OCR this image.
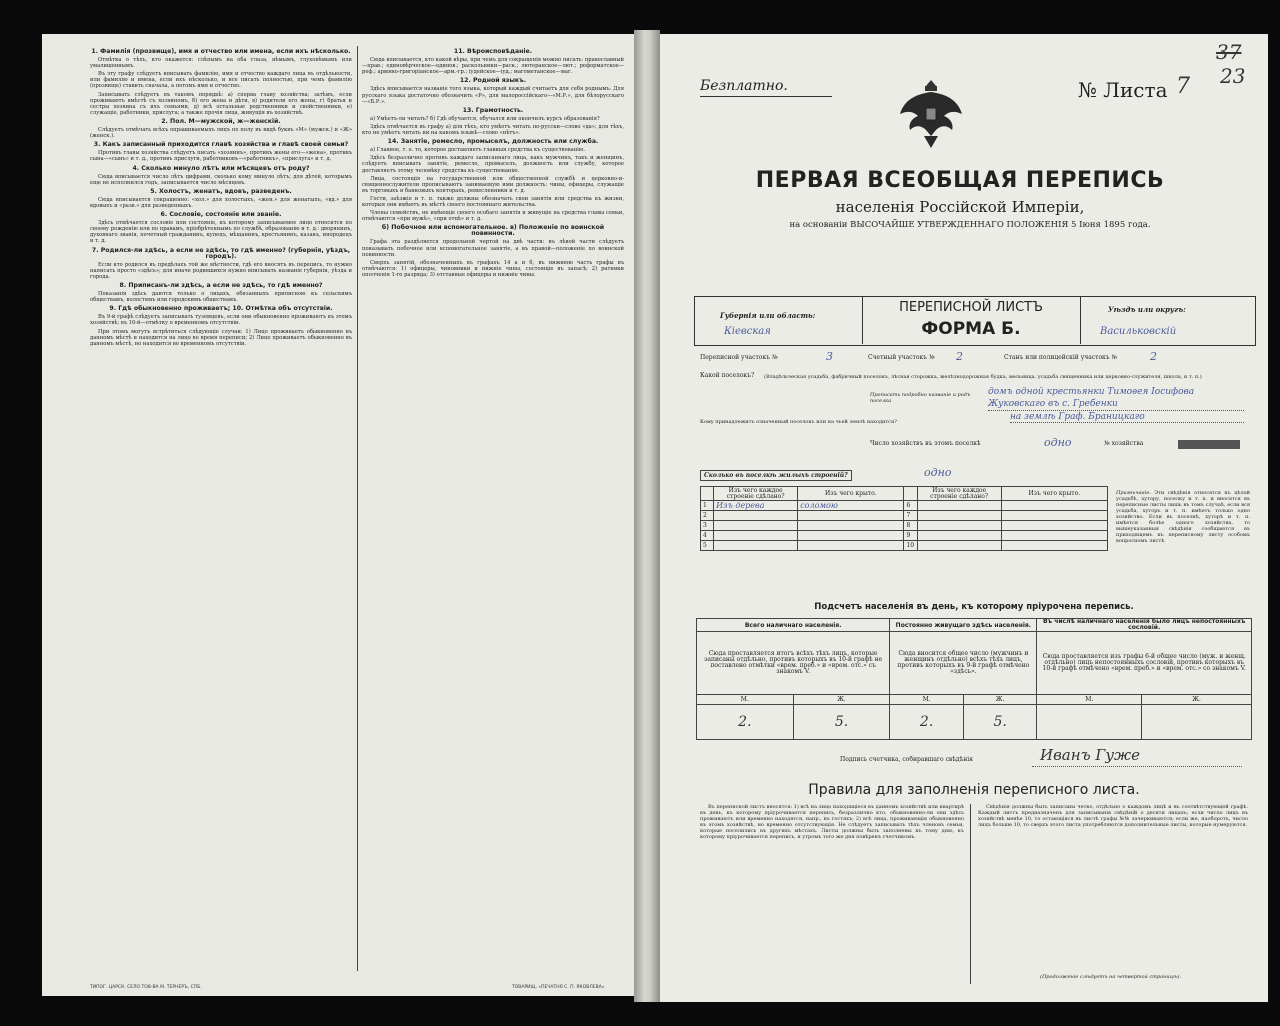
1. Фамилія (прозвище), имя и отчество или имена, если ихъ нѣсколько.

Отмѣтка о тѣхъ, кто окажется: слѣпымъ на оба глаза, нѣмымъ, глухонѣмымъ или умалишеннымъ.

Въ эту графу слѣдуетъ вписывать фамилію, имя и отчество каждаго лица въ отдѣльности, или фамилію и имена, если ихъ нѣсколько, и все писать полностью, при чемъ фамилію (прозвище) ставить сначала, а потомъ имя и отчество.

Записывать слѣдуетъ въ такомъ порядкѣ: а) сперва главу хозяйства; затѣмъ, если проживаютъ вмѣстѣ съ хозяиномъ, б) его жена и дѣти, в) родители его жены, г) братья и сестры хозяина съ ихъ семьями, д) всѣ остальные родственники и свойственники, е) служащіе, работники, прислуга; а также прочія лица, живущія въ хозяйствѣ.

2. Пол. М—мужской, ж—женскій.

Слѣдуетъ отмѣчать всѣхъ опрашиваемыхъ лицъ по полу въ видѣ буквъ «М» (мужск.) и «Ж» (женск.).

3. Какъ записанный приходится главѣ хозяйства и главѣ своей семьи?

Противъ главы хозяйства слѣдуетъ писать «хозяинъ», противъ жены его—«жена», противъ сына—«сынъ» и т. д., противъ прислуги, работниковъ—«работникъ», «прислуга» и т. д.

4. Сколько минуло лѣтъ или мѣсяцевъ отъ роду?

Сюда вписывается число лѣтъ цифрами, сколько кому минуло лѣтъ; для дѣтей, которымъ еще не исполнился годъ, записывается число мѣсяцевъ.

5. Холостъ, женатъ, вдовъ, разведенъ.

Сюда вписывается сокращенно: «хол.» для холостыхъ, «жен.» для женатыхъ, «вд.» для вдовыхъ и «разв.» для разведенныхъ.

6. Сословіе, состояніе или званіе.

Здѣсь отмѣчается сословіе или состояніе, къ которому записываемое лицо относится по своему рожденію или по правамъ, пріобрѣтеннымъ по службѣ, образованію и т. д.: дворянинъ, духовнаго званія, почетный гражданинъ, купецъ, мѣщанинъ, крестьянинъ, казакъ, инородецъ и т. д.

7. Родился-ли здѣсь, а если не здѣсь, то гдѣ именно? (губернія, уѣздъ, городъ).

Если кто родился въ предѣлахъ той же мѣстности, гдѣ его вносятъ въ перепись, то нужно написать просто «здѣсь»; для иначе родившихся нужно вписывать названіе губерніи, уѣзда и города.

8. Приписанъ-ли здѣсь, а если не здѣсь, то гдѣ именно?

Показанія здѣсь даются только о лицахъ, обязанныхъ приписною къ сельскимъ обществамъ, волостямъ или городскимъ обществамъ.

9. Гдѣ обыкновенно проживаетъ; 10. Отмѣтка объ отсутствіи.

Въ 9-й графѣ слѣдуетъ записывать туземцевъ, если они обыкновенно проживаютъ въ этомъ хозяйствѣ; въ 10-й—отмѣтку о временномъ отсутствіи.

При этомъ могутъ встрѣтиться слѣдующіе случаи: 1) Лицо проживаетъ обыкновенно въ данномъ мѣстѣ и находится на лицо во время переписи; 2) Лицо проживаетъ обыкновенно въ данномъ мѣстѣ, но находится во временномъ отсутствіи.

11. Вѣроисповѣданіе.

Сюда вписывается, кто какой вѣры, при чемъ для сокращенія можно писать: православный—прав.; единовѣрческое—единов.; раскольники—раск.; лютеранское—лют.; реформатское—реф.; армяно-григоріанское—арм.-гр.; іудейское—іуд.; магометанское—маг.

12. Родной языкъ.

Здѣсь вписывается названіе того языка, который каждый считаетъ для себя роднымъ. Для русскаго языка достаточно обозначить «Р», для малороссійскаго—«М.Р.», для бѣлорусскаго—«Б.Р.».

13. Грамотность.

а) Умѣетъ-ли читать? б) Гдѣ обучается, обучался или окончилъ курсъ образованія?

Здѣсь отвѣчается въ графу а) для тѣхъ, кто умѣетъ читать по-русски—слово «да»; для тѣхъ, кто не умѣетъ читать ни на какомъ языкѣ—слово «нѣтъ».

14. Занятіе, ремесло, промыселъ, должность или служба.

а) Главное, т. е. то, которое доставляетъ главныя средства къ существованію.

Здѣсь безразлично противъ каждаго записаннаго лица, какъ мужчинъ, такъ и женщинъ, слѣдуетъ вписывать занятіе, ремесло, промыселъ, должность или службу, которое доставляетъ этому человѣку средства къ существованію.

Лица, состоящія на государственной или общественной службѣ и церковно-и-священнослужители прописываютъ занимаемую ими должность: чины, офицеры, служащіе въ торговыхъ и банковыхъ конторахъ, ремесленники и т. д.

Гости, заѣзжіе и т. п. также должны обозначать свои занятія или средства къ жизни, которыя они имѣютъ въ мѣстѣ своего постояннаго жительства.

Члены семействъ, не имѣющіе своего особаго занятія и живущіе на средства главы семьи, отмѣчаются «при мужѣ», «при отцѣ» и т. д.

б) Побочное или вспомогательное. в) Положеніе по воинской повинности.

Графа эта раздѣляется продольной чертой на двѣ части: въ лѣвой части слѣдуетъ показывать побочное или вспомогательное занятіе, а въ правой—положеніе по воинской повинности.

Сверхъ занятій, обозначенныхъ въ графахъ 14 а и б, въ нижнюю часть графы въ отмѣчаются: 1) офицеры, чиновники и нижніе чины, состоящіе въ запасѣ; 2) ратники ополченія 1-го разряда; 3) отставные офицеры и нижніе чины.

ТИПОГ. ЦАРСК. СЕЛО ТОВ-ВА М. ТЕРНЕРЪ, СПБ.	ТОВАРИЩ. «ПЕЧАТНЯ С. П. ЯКОВЛЕВА»
37
23
Безплатно.	№ Листа 7
ПЕРВАЯ ВСЕОБЩАЯ ПЕРЕПИСЬ
населенія Россійской Имперіи,
на основаніи ВЫСОЧАЙШЕ УТВЕРЖДЕННАГО ПОЛОЖЕНІЯ 5 Іюня 1895 года.
Губернія или область:
Кіевская
ПЕРЕПИСНОЙ ЛИСТЪ
ФОРМА Б.
Уѣздъ или округъ:
Васильковскій
Переписной участокъ №	3	Счетный участокъ № 2	Станъ или полицейскій участокъ №	2
Какой поселокъ? (Владѣльческая усадьба, фабричный поселокъ, лѣсная сторожка, желѣзнодорожная будка, мельница, усадьба священника или церковно-служителя, школа, и т. п.)
Прописать подробно названіе и родъ поселка
домъ одной крестьянки Тимоѳея Іосифова Жуковскаго въ с. Гребенки
Кому принадлежитъ означенный поселокъ или на чьей землѣ находится?	на землѣ Граф. Браницкаго
Число хозяйствъ въ этомъ поселкѣ	одно	№ хозяйства
Сколько въ поселкѣ жилыхъ строеній?	одно
	Изъ чего каждое строеніе сдѣлано?	Изъ чего крыто.		Изъ чего каждое строеніе сдѣлано?	Изъ чего крыто.
1	Изъ дерева	соломою	6		
2			7		
3			8		
4			9		
5			10		
Примѣчаніе. Эти свѣдѣнія относятся къ цѣлой усадьбѣ, хутору, поселку и т. п. и вносятся въ переписные листы лишь въ томъ случаѣ, если вся усадьба, хуторъ и т. п. имѣетъ только одно хозяйство. Если въ поселкѣ, хуторѣ и т. п. имѣется болѣе одного хозяйства, то вышеуказанныя свѣдѣнія сообщаются въ приходящемъ къ переписному листу особомъ вопросномъ листѣ.
Подсчетъ населенія въ день, къ которому пріурочена перепись.
Всего наличнаго населенія.		Постоянно живущаго здѣсь населенія.		Въ числѣ наличнаго населенія было лицъ непостоянныхъ сословій.	
Сюда проставляется итогъ всѣхъ тѣхъ лицъ, которые записаны отдѣльно, противъ которыхъ въ 10-й графѣ не поставлено отмѣтки «врем. преб.» и «врем. отс.» съ знакомъ V.		Сюда вносится общее число (мужчинъ и женщинъ отдѣльно) всѣхъ тѣхъ лицъ, противъ которыхъ въ 9-й графѣ отмѣчено «здѣсь».		Сюда проставляется изъ графы 6-й общее число (муж. и женщ. отдѣльно) лицъ непостоянныхъ сословій, противъ которыхъ въ 10-й графѣ отмѣчено «врем. преб.» и «врем. отс.» со знакомъ V.	
М.	Ж.	М.	Ж.	М.	Ж.
2.	5.	2.	5.		
Подпись счетчика, собиравшаго свѣдѣнія	Иванъ Гуже
Правила для заполненія переписного листа.
Въ переписной листъ вносятся: 1) всѣ на лицо находящіеся въ данномъ хозяйствѣ или квартирѣ въ день, къ которому пріурочивается перепись, безразлично кто, обыкновенно-ли они здѣсь проживаютъ или временно находятся, напр., въ гостяхъ; 2) всѣ лица, проживающія обыкновенно въ этомъ хозяйствѣ, но временно отсутствующія. Не слѣдуетъ записывать тѣхъ членовъ семьи, которые поселились въ другихъ мѣстахъ. Листы должны быть заполнены къ тому дню, къ которому пріурочивается перепись, и утромъ того же дня повѣренъ счетчикомъ.
Свѣдѣнія должны быть записаны четко, отдѣльно о каждомъ лицѣ и въ соотвѣтствующей графѣ. Каждый листъ предназначенъ для записыванія свѣдѣній о десяти лицахъ; если число лицъ въ хозяйствѣ менѣе 10, то остающіяся въ листѣ графы №№ зачеркиваются; если же, наоборотъ, число лицъ больше 10, то сверхъ этого листа употребляются дополнительные листы, которые нумеруются.
(Продолженіе слѣдуетъ на четвертой страницѣ).
